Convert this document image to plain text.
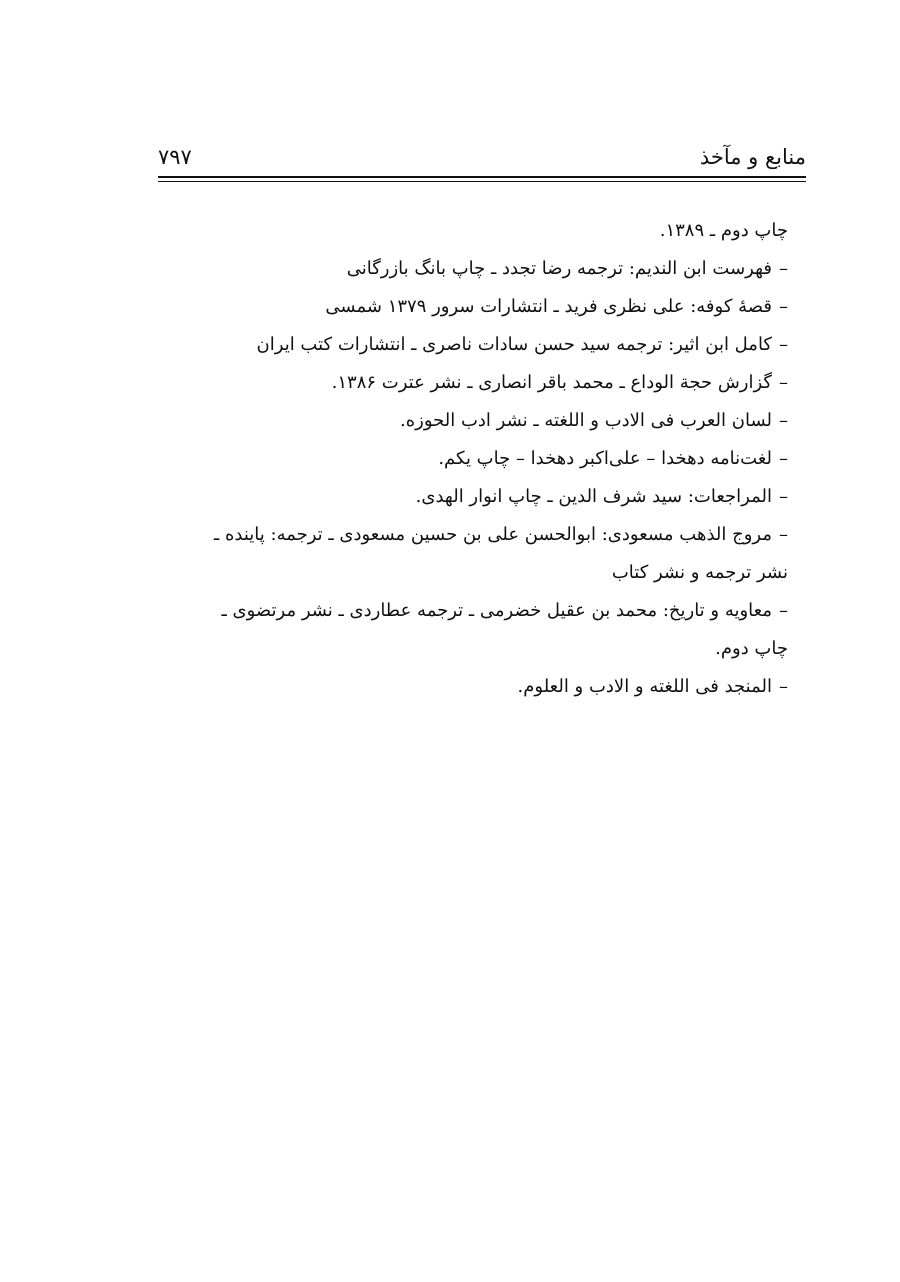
منابع و مآخذ
۷۹۷

چاپ دوم ـ ۱۳۸۹.

–فهرست ابن الندیم: ترجمه رضا تجدد ـ چاپ بانگ بازرگانی

–قصهٔ کوفه: علی نظری فرید ـ انتشارات سرور ۱۳۷۹ شمسی

–کامل ابن اثیر: ترجمه سید حسن سادات ناصری ـ انتشارات کتب ایران

–گزارش حجة الوداع ـ محمد باقر انصاری ـ نشر عترت ۱۳۸۶.

–لسان العرب فی الادب و اللغته ـ نشر ادب الحوزه.

–لغت‌نامه دهخدا – علی‌اکبر دهخدا – چاپ یکم.

–المراجعات: سید شرف الدین ـ چاپ انوار الهدی.

–مروج الذهب مسعودی: ابوالحسن علی بن حسین مسعودی ـ ترجمه: پاینده ـ

نشر ترجمه و نشر کتاب

–معاویه و تاریخ: محمد بن عقیل خضرمی ـ ترجمه عطاردی ـ نشر مرتضوی ـ

چاپ دوم.

–المنجد فی اللغته و الادب و العلوم.
